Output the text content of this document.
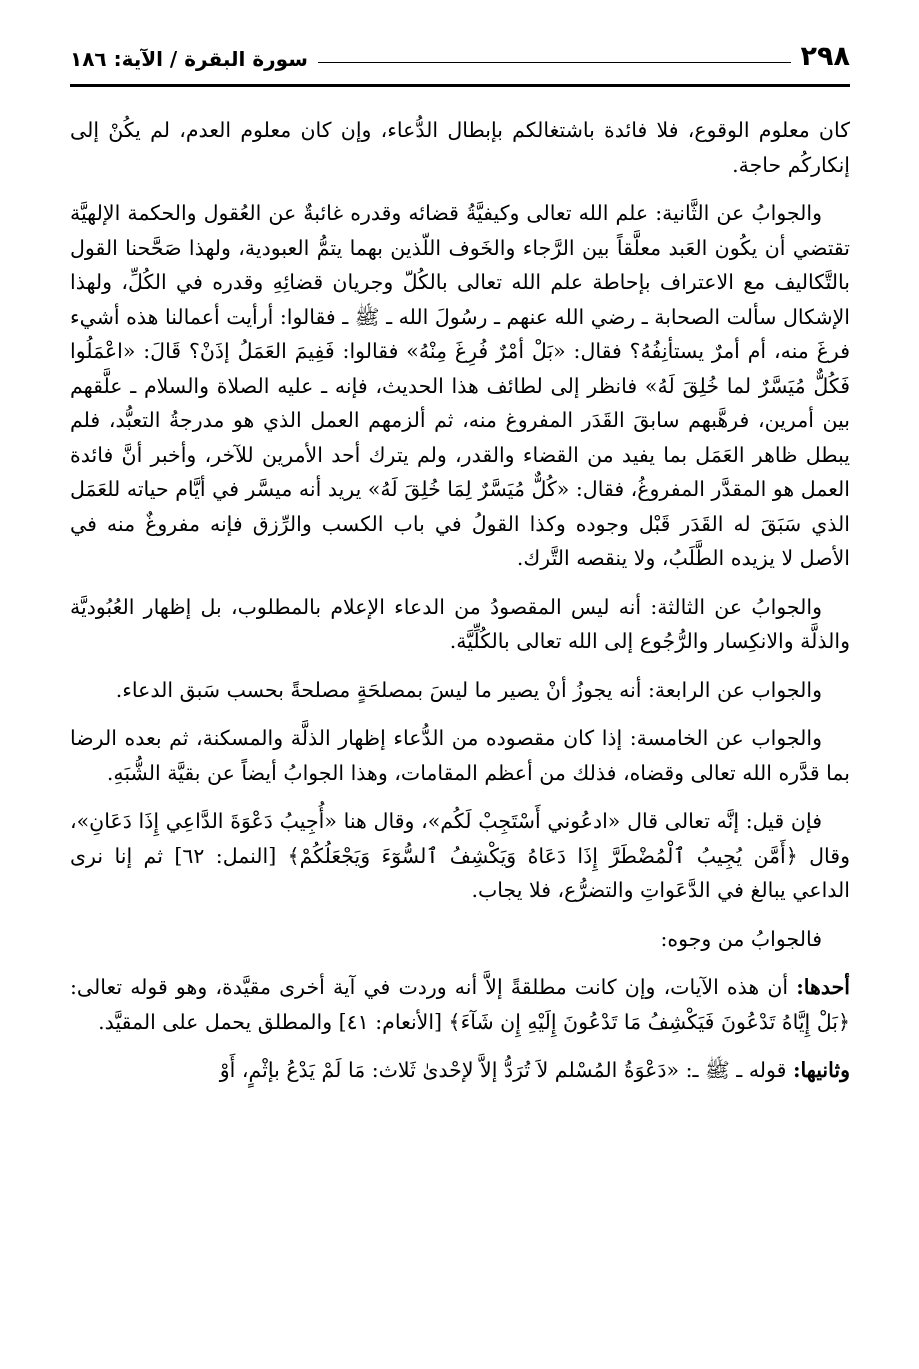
٢٩٨
سورة البقرة / الآية: ١٨٦

كان معلوم الوقوع، فلا فائدة باشتغالكم بإبطال الدُّعاء، وإن كان معلوم العدم، لم يكُنْ إلى إنكاركُم حاجة.

والجوابُ عن الثَّانية: علم الله تعالى وكيفيَّةُ قضائه وقدره غائبةٌ عن العُقول والحكمة الإلهيَّة تقتضي أن يكُون العَبد معلَّقاً بين الرَّجاء والخَوف اللّذين بهما يتمُّ العبودية، ولهذا صَحَّحنا القول بالتَّكاليف مع الاعتراف بإحاطة علم الله تعالى بالكُلّ وجريان قضائِهِ وقدره في الكُلِّ، ولهذا الإشكال سألت الصحابة ـ رضي الله عنهم ـ رسُولَ الله ـ ﷺ ـ فقالوا: أرأيت أعمالنا هذه أشيء فرغَ منه، أم أمرٌ يستأنِفُهُ؟ فقال: «بَلْ أمْرٌ فُرِغَ مِنْهُ» فقالوا: فَفِيمَ العَمَلُ إذَنْ؟ قَالَ: «اعْمَلُوا فَكُلٌّ مُيَسَّرٌ لما خُلِقَ لَهُ» فانظر إلى لطائف هذا الحديث، فإنه ـ عليه الصلاة والسلام ـ علَّقهم بين أمرين، فرهَّبهم سابقَ القَدَر المفروغ منه، ثم ألزمهم العمل الذي هو مدرجةُ التعبُّد، فلم يبطل ظاهر العَمَل بما يفيد من القضاء والقدر، ولم يترك أحد الأمرين للآخر، وأخبر أنَّ فائدة العمل هو المقدَّر المفروغُ، فقال: «كُلٌّ مُيَسَّرٌ لِمَا خُلِقَ لَهُ» يريد أنه ميسَّر في أيَّام حياته للعَمَل الذي سَبَقَ له القَدَر قَبْل وجوده وكذا القولُ في باب الكسب والرِّزق فإنه مفروغٌ منه في الأصل لا يزيده الطَّلَبُ، ولا ينقصه التَّرك.

والجوابُ عن الثالثة: أنه ليس المقصودُ من الدعاء الإعلام بالمطلوب، بل إظهار العُبُوديَّة والذلَّة والانكِسار والرُّجُوع إلى الله تعالى بالكُلِّيَّة.

والجواب عن الرابعة: أنه يجوزُ أنْ يصير ما ليسَ بمصلحَةٍ مصلحةً بحسب سَبق الدعاء.

والجواب عن الخامسة: إذا كان مقصوده من الدُّعاء إظهار الذلَّة والمسكنة، ثم بعده الرضا بما قدَّره الله تعالى وقضاه، فذلك من أعظم المقامات، وهذا الجوابُ أيضاً عن بقيَّة الشُّبَهِ.

فإن قيل: إنَّه تعالى قال «ادعُوني أَسْتَجِبْ لَكُم»، وقال هنا «أُجِيبُ دَعْوَةَ الدَّاعِي إِذَا دَعَانِ»، وقال ﴿أَمَّن يُجِيبُ ٱلْمُضْطَرَّ إِذَا دَعَاهُ وَيَكْشِفُ ٱلسُّوٓءَ وَيَجْعَلُكُمْ﴾ [النمل: ٦٢] ثم إنا نرى الداعي يبالغ في الدَّعَواتِ والتضرُّع، فلا يجاب.

فالجوابُ من وجوه:

أحدها: أن هذه الآيات، وإن كانت مطلقةً إلاَّ أنه وردت في آية أخرى مقيَّدة، وهو قوله تعالى: ﴿بَلْ إِيَّاهُ تَدْعُونَ فَيَكْشِفُ مَا تَدْعُونَ إِلَيْهِ إِن شَآءَ﴾ [الأنعام: ٤١] والمطلق يحمل على المقيَّد.

وثانيها: قوله ـ ﷺ ـ: «دَعْوَةُ المُسْلم لاَ تُرَدُّ إلاَّ لإحْدىٰ ثَلاث: مَا لَمْ يَدْعُ بإثْمٍ، أَوْ
